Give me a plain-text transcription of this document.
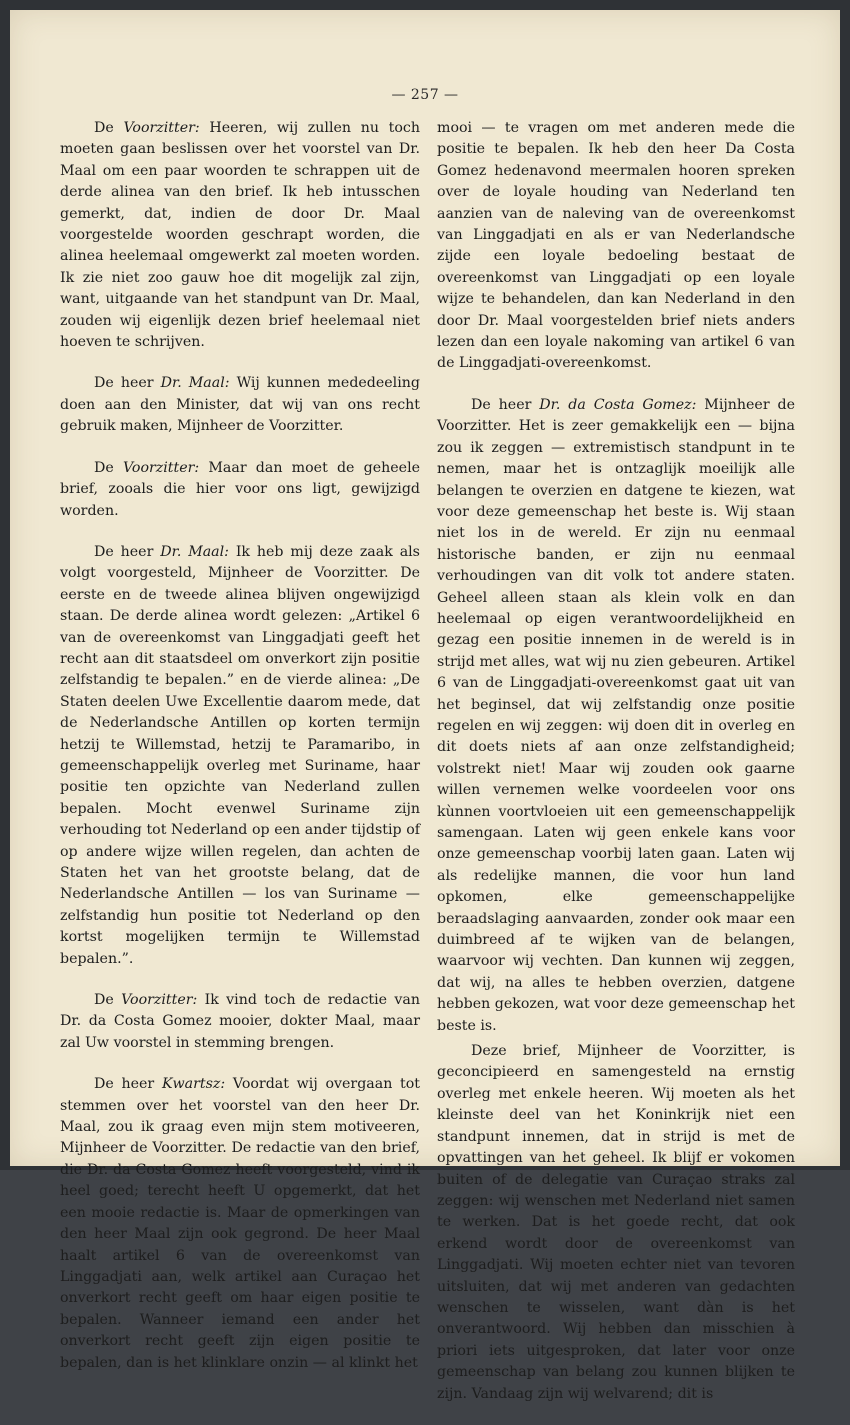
— 257 —

De Voorzitter: Heeren, wij zullen nu toch moeten gaan beslissen over het voorstel van Dr. Maal om een paar woorden te schrappen uit de derde alinea van den brief. Ik heb intusschen gemerkt, dat, indien de door Dr. Maal voorgestelde woorden geschrapt worden, die alinea heelemaal omgewerkt zal moeten worden. Ik zie niet zoo gauw hoe dit mogelijk zal zijn, want, uitgaande van het standpunt van Dr. Maal, zouden wij eigenlijk dezen brief heelemaal niet hoeven te schrijven.

De heer Dr. Maal: Wij kunnen mededeeling doen aan den Minister, dat wij van ons recht gebruik maken, Mijnheer de Voorzitter.

De Voorzitter: Maar dan moet de geheele brief, zooals die hier voor ons ligt, gewijzigd worden.

De heer Dr. Maal: Ik heb mij deze zaak als volgt voorgesteld, Mijnheer de Voorzitter. De eerste en de tweede alinea blijven ongewijzigd staan. De derde alinea wordt gelezen: „Artikel 6 van de overeenkomst van Linggadjati geeft het recht aan dit staatsdeel om onverkort zijn positie zelfstandig te bepalen.” en de vierde alinea: „De Staten deelen Uwe Excellentie daarom mede, dat de Nederlandsche Antillen op korten termijn hetzij te Willemstad, hetzij te Paramaribo, in gemeenschappelijk overleg met Suriname, haar positie ten opzichte van Nederland zullen bepalen. Mocht evenwel Suriname zijn verhouding tot Nederland op een ander tijdstip of op andere wijze willen regelen, dan achten de Staten het van het grootste belang, dat de Nederlandsche Antillen — los van Suriname — zelfstandig hun positie tot Nederland op den kortst mogelijken termijn te Willemstad bepalen.”.

De Voorzitter: Ik vind toch de redactie van Dr. da Costa Gomez mooier, dokter Maal, maar zal Uw voorstel in stemming brengen.

De heer Kwartsz: Voordat wij overgaan tot stemmen over het voorstel van den heer Dr. Maal, zou ik graag even mijn stem motiveeren, Mijnheer de Voorzitter. De redactie van den brief, die Dr. da Costa Gomez heeft voorgesteld, vind ik heel goed; terecht heeft U opgemerkt, dat het een mooie redactie is. Maar de opmerkingen van den heer Maal zijn ook gegrond. De heer Maal haalt artikel 6 van de overeenkomst van Linggadjati aan, welk artikel aan Curaçao het onverkort recht geeft om haar eigen positie te bepalen. Wanneer iemand een ander het onverkort recht geeft zijn eigen positie te bepalen, dan is het klinklare onzin — al klinkt het

mooi — te vragen om met anderen mede die positie te bepalen. Ik heb den heer Da Costa Gomez hedenavond meermalen hooren spreken over de loyale houding van Nederland ten aanzien van de naleving van de overeenkomst van Linggadjati en als er van Nederlandsche zijde een loyale bedoeling bestaat de overeenkomst van Linggadjati op een loyale wijze te behandelen, dan kan Nederland in den door Dr. Maal voorgestelden brief niets anders lezen dan een loyale nakoming van artikel 6 van de Linggadjati-overeenkomst.

De heer Dr. da Costa Gomez: Mijnheer de Voorzitter. Het is zeer gemakkelijk een — bijna zou ik zeggen — extremistisch standpunt in te nemen, maar het is ontzaglijk moeilijk alle belangen te overzien en datgene te kiezen, wat voor deze gemeenschap het beste is. Wij staan niet los in de wereld. Er zijn nu eenmaal historische banden, er zijn nu eenmaal verhoudingen van dit volk tot andere staten. Geheel alleen staan als klein volk en dan heelemaal op eigen verantwoordelijkheid en gezag een positie innemen in de wereld is in strijd met alles, wat wij nu zien gebeuren. Artikel 6 van de Linggadjati-overeenkomst gaat uit van het beginsel, dat wij zelfstandig onze positie regelen en wij zeggen: wij doen dit in overleg en dit doets niets af aan onze zelfstandigheid; volstrekt niet! Maar wij zouden ook gaarne willen vernemen welke voordeelen voor ons kùnnen voortvloeien uit een gemeenschappelijk samengaan. Laten wij geen enkele kans voor onze gemeenschap voorbij laten gaan. Laten wij als redelijke mannen, die voor hun land opkomen, elke gemeenschappelijke beraadslaging aanvaarden, zonder ook maar een duimbreed af te wijken van de belangen, waarvoor wij vechten. Dan kunnen wij zeggen, dat wij, na alles te hebben overzien, datgene hebben gekozen, wat voor deze gemeenschap het beste is.

Deze brief, Mijnheer de Voorzitter, is geconcipieerd en samengesteld na ernstig overleg met enkele heeren. Wij moeten als het kleinste deel van het Koninkrijk niet een standpunt innemen, dat in strijd is met de opvattingen van het geheel. Ik blijf er vokomen buiten of de delegatie van Curaçao straks zal zeggen: wij wenschen met Nederland niet samen te werken. Dat is het goede recht, dat ook erkend wordt door de overeenkomst van Linggadjati. Wij moeten echter niet van tevoren uitsluiten, dat wij met anderen van gedachten wenschen te wisselen, want dàn is het onverantwoord. Wij hebben dan misschien à priori iets uitgesproken, dat later voor onze gemeenschap van belang zou kunnen blijken te zijn. Vandaag zijn wij welvarend; dit is
